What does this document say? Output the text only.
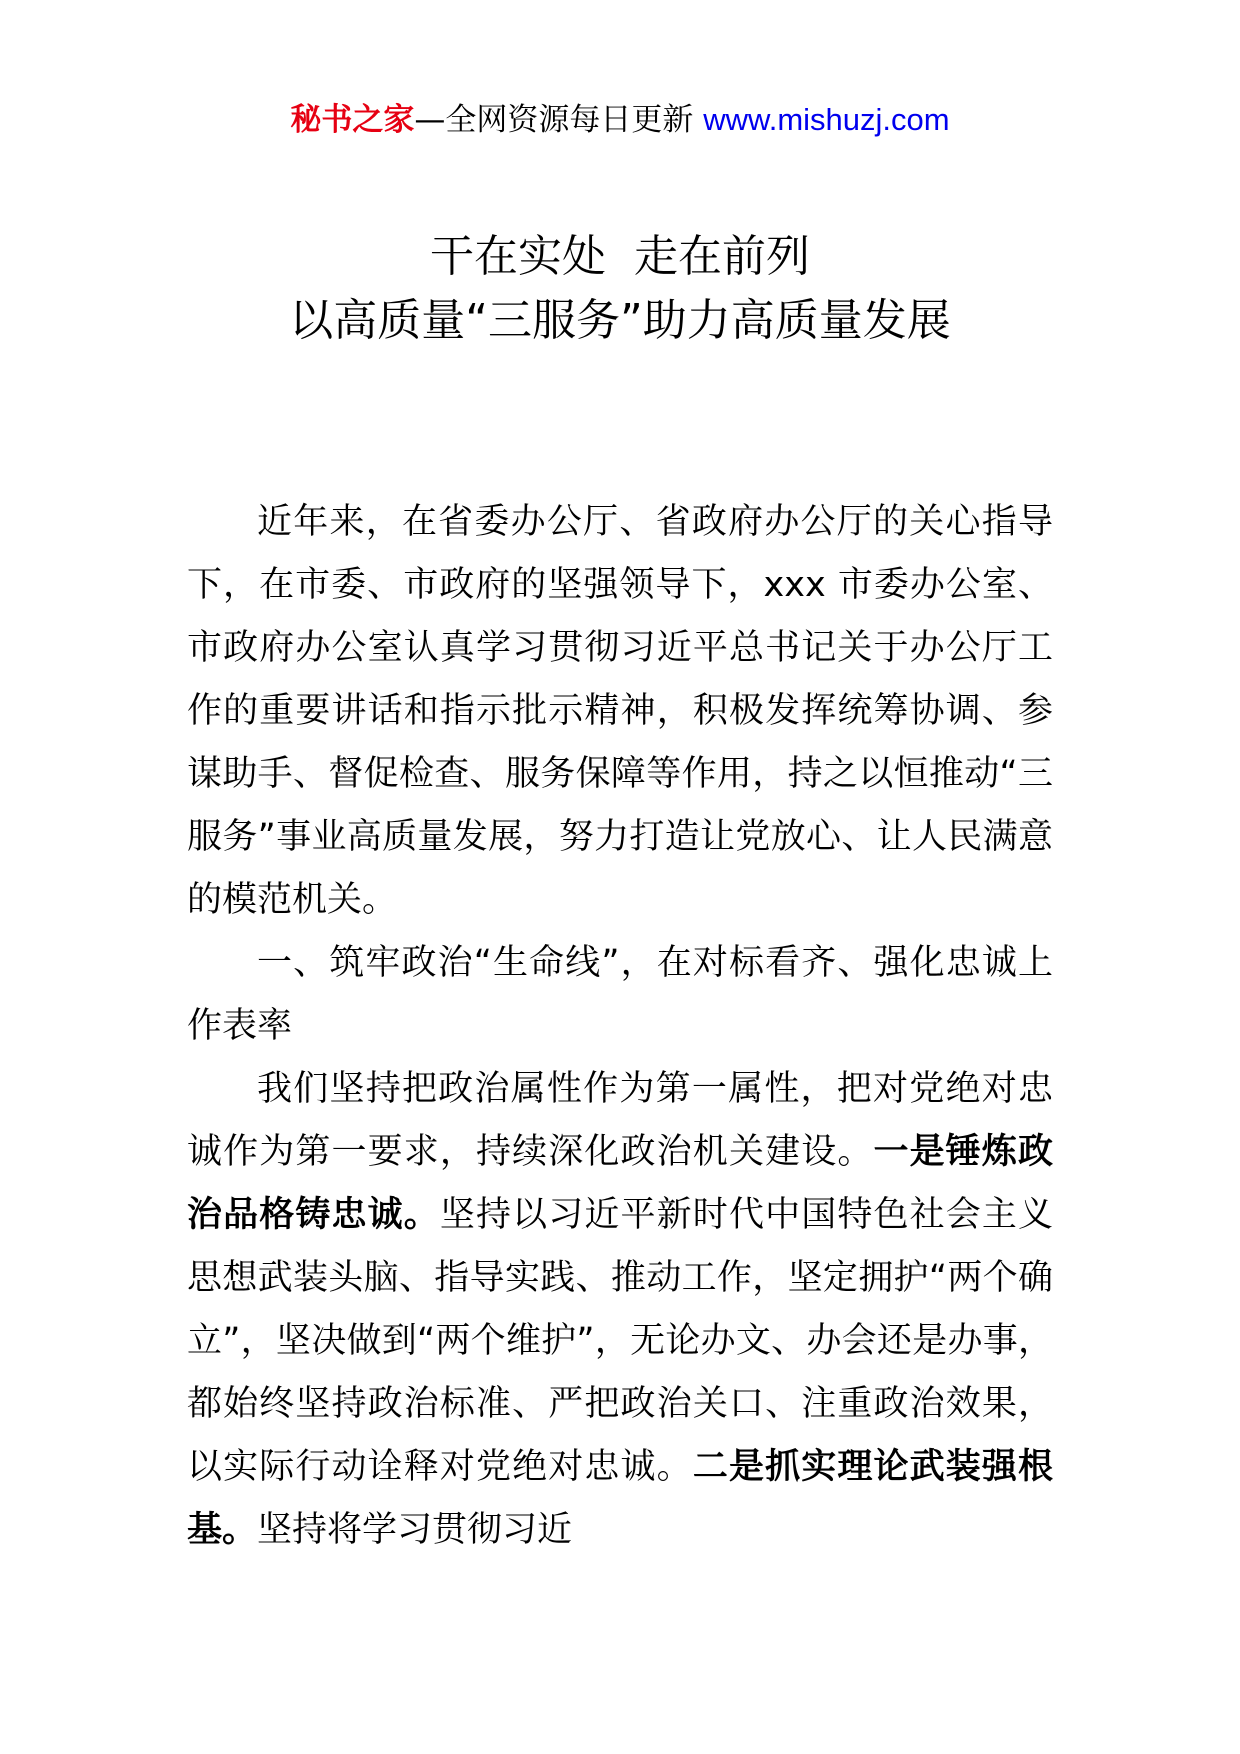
秘书之家—全网资源每日更新 www.mishuzj.com
干在实处  走在前列
以高质量“三服务”助力高质量发展

近年来，在省委办公厅、省政府办公厅的关心指导下，在市委、市政府的坚强领导下，xxx 市委办公室、市政府办公室认真学习贯彻习近平总书记关于办公厅工作的重要讲话和指示批示精神，积极发挥统筹协调、参谋助手、督促检查、服务保障等作用，持之以恒推动“三服务”事业高质量发展，努力打造让党放心、让人民满意的模范机关。

一、筑牢政治“生命线”，在对标看齐、强化忠诚上作表率

我们坚持把政治属性作为第一属性，把对党绝对忠诚作为第一要求，持续深化政治机关建设。一是锤炼政治品格铸忠诚。坚持以习近平新时代中国特色社会主义思想武装头脑、指导实践、推动工作，坚定拥护“两个确立”，坚决做到“两个维护”，无论办文、办会还是办事，都始终坚持政治标准、严把政治关口、注重政治效果，以实际行动诠释对党绝对忠诚。二是抓实理论武装强根基。坚持将学习贯彻习近
